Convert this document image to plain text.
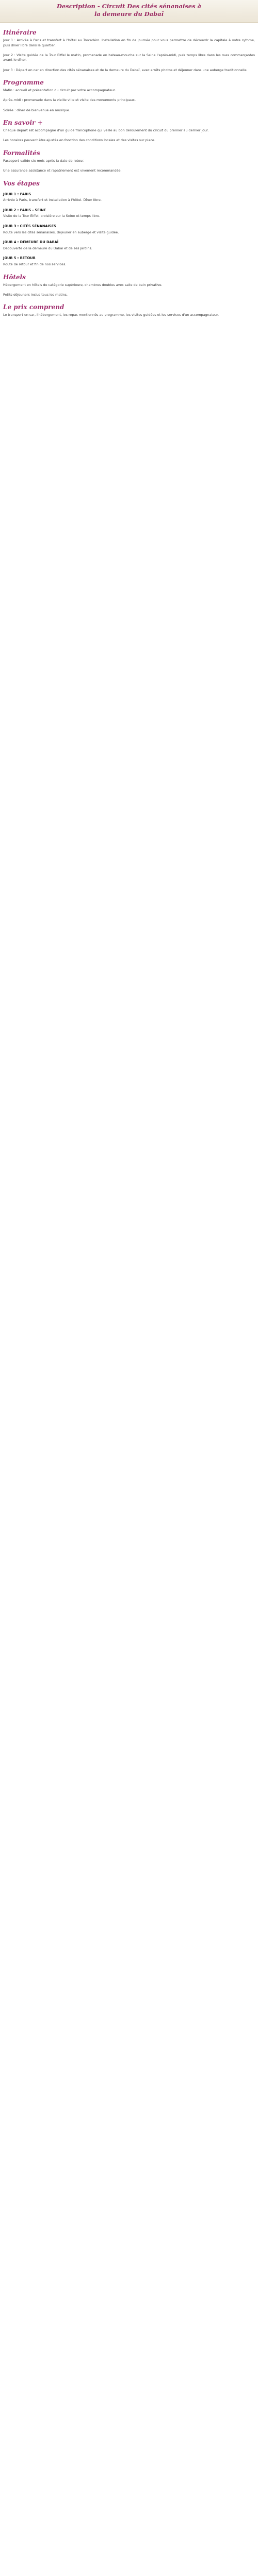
Description - Circuit Des cités sénanaises à
la demeure du Dabaï
Itinéraire

Jour 1 : Arrivée à Paris et transfert à l'hôtel au Trocadéro. Installation en fin de journée pour vous permettre de découvrir la capitale à votre rythme, puis dîner libre dans le quartier.

Jour 2 : Visite guidée de la Tour Eiffel le matin, promenade en bateau-mouche sur la Seine l'après-midi, puis temps libre dans les rues commerçantes avant le dîner.

Jour 3 : Départ en car en direction des cités sénanaises et de la demeure du Dabaï, avec arrêts photos et déjeuner dans une auberge traditionnelle.

Programme

Matin : accueil et présentation du circuit par votre accompagnateur.

Après-midi : promenade dans la vieille ville et visite des monuments principaux.

Soirée : dîner de bienvenue en musique.

En savoir +

Chaque départ est accompagné d'un guide francophone qui veille au bon déroulement du circuit du premier au dernier jour.

Les horaires peuvent être ajustés en fonction des conditions locales et des visites sur place.

Formalités

Passeport valide six mois après la date de retour.

Une assurance assistance et rapatriement est vivement recommandée.

Vos étapes
JOUR 1 : PARIS

Arrivée à Paris, transfert et installation à l'hôtel. Dîner libre.

JOUR 2 : PARIS - SEINE

Visite de la Tour Eiffel, croisière sur la Seine et temps libre.

JOUR 3 : CITÉS SÉNANAISES

Route vers les cités sénanaises, déjeuner en auberge et visite guidée.

JOUR 4 : DEMEURE DU DABAÏ

Découverte de la demeure du Dabaï et de ses jardins.

JOUR 5 : RETOUR

Route de retour et fin de nos services.

Hôtels

Hébergement en hôtels de catégorie supérieure, chambres doubles avec salle de bain privative.

Petits-déjeuners inclus tous les matins.

Le prix comprend

Le transport en car, l'hébergement, les repas mentionnés au programme, les visites guidées et les services d'un accompagnateur.
